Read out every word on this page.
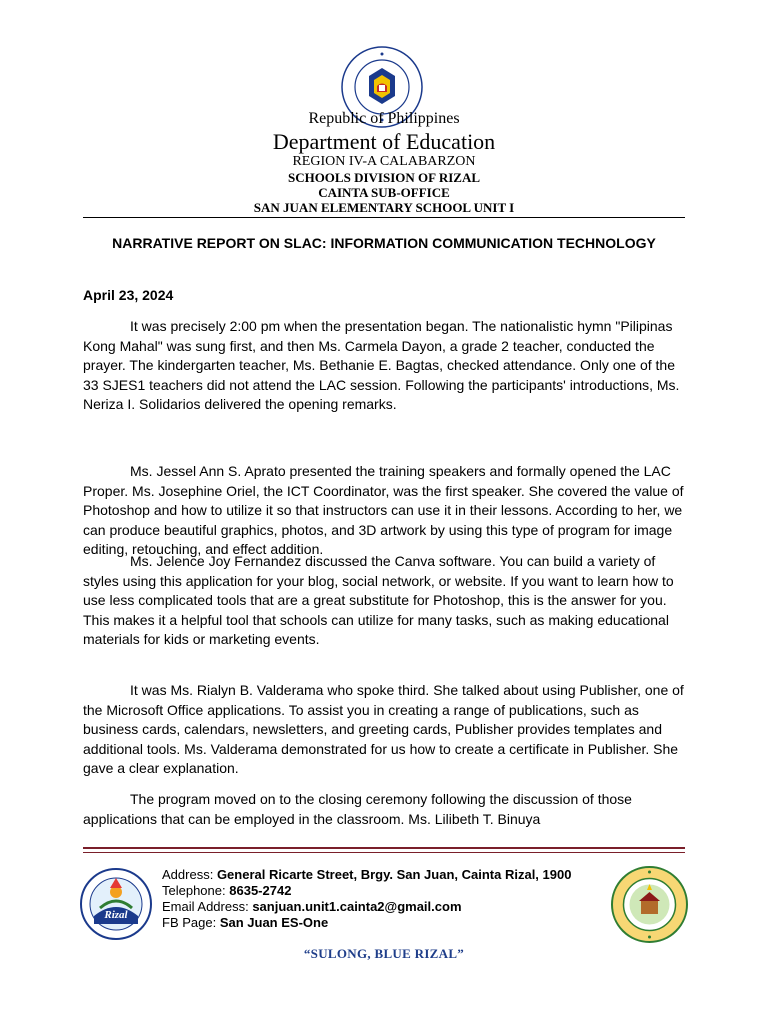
Republic of Philippines
Department of Education
REGION IV-A CALABARZON
SCHOOLS DIVISION OF RIZAL
CAINTA SUB-OFFICE
SAN JUAN ELEMENTARY SCHOOL UNIT I
NARRATIVE REPORT ON SLAC: INFORMATION COMMUNICATION TECHNOLOGY
April 23, 2024

It was precisely 2:00 pm when the presentation began. The nationalistic hymn "Pilipinas Kong Mahal" was sung first, and then Ms. Carmela Dayon, a grade 2 teacher, conducted the prayer. The kindergarten teacher, Ms. Bethanie E. Bagtas, checked attendance. Only one of the 33 SJES1 teachers did not attend the LAC session. Following the participants' introductions, Ms. Neriza I. Solidarios delivered the opening remarks.

Ms. Jessel Ann S. Aprato presented the training speakers and formally opened the LAC Proper. Ms. Josephine Oriel, the ICT Coordinator, was the first speaker. She covered the value of Photoshop and how to utilize it so that instructors can use it in their lessons. According to her, we can produce beautiful graphics, photos, and 3D artwork by using this type of program for image editing, retouching, and effect addition.

Ms. Jelence Joy Fernandez discussed the Canva software. You can build a variety of styles using this application for your blog, social network, or website. If you want to learn how to use less complicated tools that are a great substitute for Photoshop, this is the answer for you. This makes it a helpful tool that schools can utilize for many tasks, such as making educational materials for kids or marketing events.

It was Ms. Rialyn B. Valderama who spoke third. She talked about using Publisher, one of the Microsoft Office applications. To assist you in creating a range of publications, such as business cards, calendars, newsletters, and greeting cards, Publisher provides templates and additional tools. Ms. Valderama demonstrated for us how to create a certificate in Publisher. She gave a clear explanation.

The program moved on to the closing ceremony following the discussion of those applications that can be employed in the classroom. Ms. Lilibeth T. Binuya

Rizal
Address: General Ricarte Street, Brgy. San Juan, Cainta Rizal, 1900
Telephone: 8635-2742
Email Address: sanjuan.unit1.cainta2@gmail.com
FB Page: San Juan ES-One
“SULONG, BLUE RIZAL”
